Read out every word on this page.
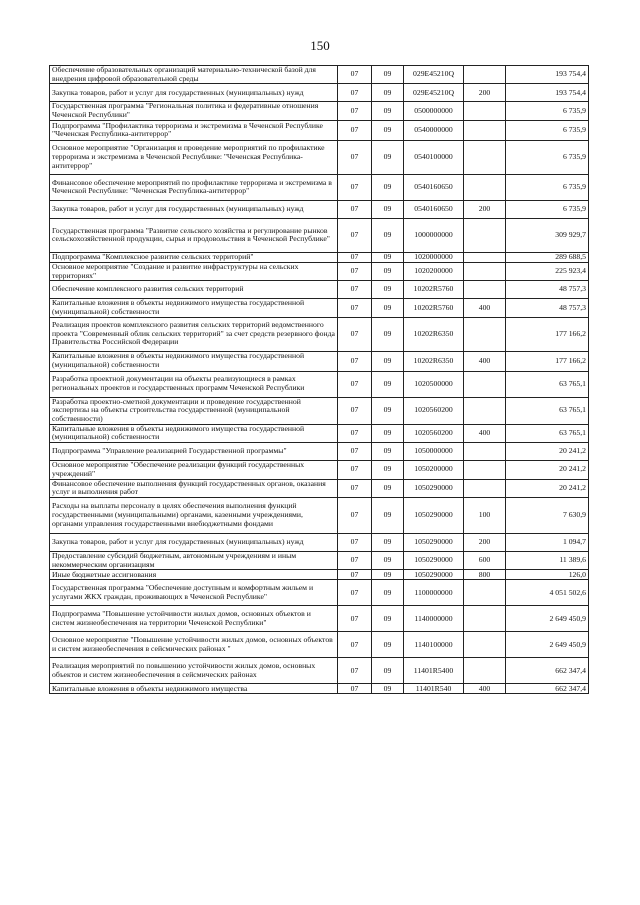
150
Обеспечение образовательных организаций материально-технической базой для внедрения цифровой образовательной среды	07	09	029E45210Q		193 754,4
Закупка товаров, работ и услуг для государственных (муниципальных) нужд	07	09	029E45210Q	200	193 754,4
Государственная программа "Региональная политика и федеративные отношения Чеченской Республики"	07	09	0500000000		6 735,9
Подпрограмма "Профилактика терроризма и экстремизма в Чеченской Республике "Чеченская Республика-антитеррор"	07	09	0540000000		6 735,9
Основное мероприятие "Организация и проведение мероприятий по профилактике терроризма и экстремизма в Чеченской Республике: "Чеченская Республика-антитеррор"	07	09	0540100000		6 735,9
Финансовое обеспечение мероприятий по профилактике терроризма и экстремизма в Чеченской Республике: "Чеченская Республика-антитеррор"	07	09	0540160650		6 735,9
Закупка товаров, работ и услуг для государственных (муниципальных) нужд	07	09	0540160650	200	6 735,9
Государственная программа "Развитие сельского хозяйства и регулирование рынков сельскохозяйственной продукции, сырья и продовольствия в Чеченской Республике"	07	09	1000000000		309 929,7
Подпрограмма "Комплексное развитие сельских территорий"	07	09	1020000000		289 688,5
Основное мероприятие "Создание и развитие инфраструктуры на сельских территориях"	07	09	1020200000		225 923,4
Обеспечение комплексного развития сельских территорий	07	09	10202R5760		48 757,3
Капитальные вложения в объекты недвижимого имущества государственной (муниципальной) собственности	07	09	10202R5760	400	48 757,3
Реализация проектов комплексного развития сельских территорий ведомственного проекта "Современный облик сельских территорий" за счет средств резервного фонда Правительства Российской Федерации	07	09	10202R6350		177 166,2
Капитальные вложения в объекты недвижимого имущества государственной (муниципальной) собственности	07	09	10202R6350	400	177 166,2
Разработка проектной документации на объекты реализующиеся в рамках региональных проектов и государственных программ Чеченской Республики	07	09	1020500000		63 765,1
Разработка проектно-сметной документации и проведение государственной экспертизы на объекты строительства государственной (муниципальной собственности)	07	09	1020560200		63 765,1
Капитальные вложения в объекты недвижимого имущества государственной (муниципальной) собственности	07	09	1020560200	400	63 765,1
Подпрограмма "Управление реализацией Государственной программы"	07	09	1050000000		20 241,2
Основное мероприятие "Обеспечение реализации функций государственных учреждений"	07	09	1050200000		20 241,2
Финансовое обеспечение выполнения функций государственных органов, оказания услуг и выполнения работ	07	09	1050290000		20 241,2
Расходы на выплаты персоналу в целях обеспечения выполнения функций государственными (муниципальными) органами, казенными учреждениями, органами управления государственными внебюджетными фондами	07	09	1050290000	100	7 630,9
Закупка товаров, работ и услуг для государственных (муниципальных) нужд	07	09	1050290000	200	1 094,7
Предоставление субсидий бюджетным, автономным учреждениям и иным некоммерческим организациям	07	09	1050290000	600	11 389,6
Иные бюджетные ассигнования	07	09	1050290000	800	126,0
Государственная программа "Обеспечение доступным и комфортным жильем и услугами ЖКХ граждан, проживающих в Чеченской Республике"	07	09	1100000000		4 051 502,6
Подпрограмма "Повышение устойчивости жилых домов, основных объектов и систем жизнеобеспечения на территории Чеченской Республики"	07	09	1140000000		2 649 450,9
Основное мероприятие "Повышение устойчивости жилых домов, основных объектов и систем жизнеобеспечения в сейсмических районах "	07	09	1140100000		2 649 450,9
Реализация мероприятий по повышению устойчивости жилых домов, основных объектов и систем жизнеобеспечения в сейсмических районах	07	09	11401R5400		662 347,4
Капитальные вложения в объекты недвижимого имущества	07	09	11401R540	400	662 347,4
